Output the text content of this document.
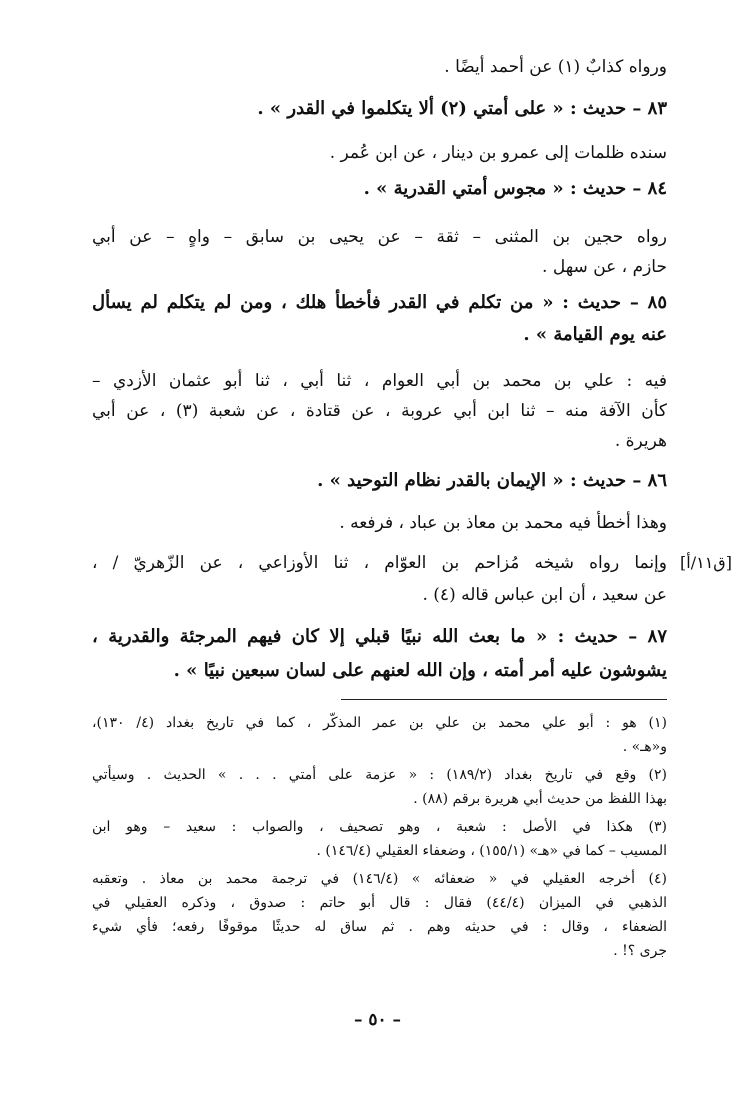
ورواه كذابٌ (١) عن أحمد أيضًا .
٨٣ – حديث : « على أمتي (٢) ألا يتكلموا في القدر » .
سنده ظلمات إلى عمرو بن دينار ، عن ابن عُمر .
٨٤ – حديث : « مجوس أمتي القدرية » .
رواه حجين بن المثنى – ثقة – عن يحيى بن سابق – واهٍ – عن أبي
حازم ، عن سهل .
٨٥ – حديث : « من تكلم في القدر فأخطأ هلك ، ومن لم يتكلم لم يسأل
عنه يوم القيامة » .
فيه : علي بن محمد بن أبي العوام ، ثنا أبي ، ثنا أبو عثمان الأزدي –
كأن الآفة منه – ثنا ابن أبي عروبة ، عن قتادة ، عن شعبة (٣) ، عن أبي
هريرة .
٨٦ – حديث : « الإيمان بالقدر نظام التوحيد » .
وهذا أخطأ فيه محمد بن معاذ بن عباد ، فرفعه .
وإنما رواه شيخه مُزاحم بن العوّام ، ثنا الأوزاعي ، عن الزّهريّ / ،
عن سعيد ، أن ابن عباس قاله (٤) .
٨٧ – حديث : « ما بعث الله نبيًا قبلي إلا كان فيهم المرجئة والقدرية ،
يشوشون عليه أمر أمته ، وإن الله لعنهم على لسان سبعين نبيًا » .
[ق١١/أ]
(١) هو : أبو علي محمد بن علي بن عمر المذكّر ، كما في تاريخ بغداد (٤/ ١٣٠)،
و«هـ» .
(٢) وقع في تاريخ بغداد (١٨٩/٢) : « عزمة على أمتي . . . » الحديث . وسيأتي
بهذا اللفظ من حديث أبي هريرة برقم (٨٨) .
(٣) هكذا في الأصل : شعبة ، وهو تصحيف ، والصواب : سعيد – وهو ابن
المسيب – كما في «هـ» (١٥٥/١) ، وضعفاء العقيلي (١٤٦/٤) .
(٤) أخرجه العقيلي في « ضعفائه » (١٤٦/٤) في ترجمة محمد بن معاذ . وتعقبه
الذهبي في الميزان (٤٤/٤) فقال : قال أبو حاتم : صدوق ، وذكره العقيلي في
الضعفاء ، وقال : في حديثه وهم . ثم ساق له حديثًا موقوفًا رفعه؛ فأي شيء
جرى ؟! .
– ٥٠ –
